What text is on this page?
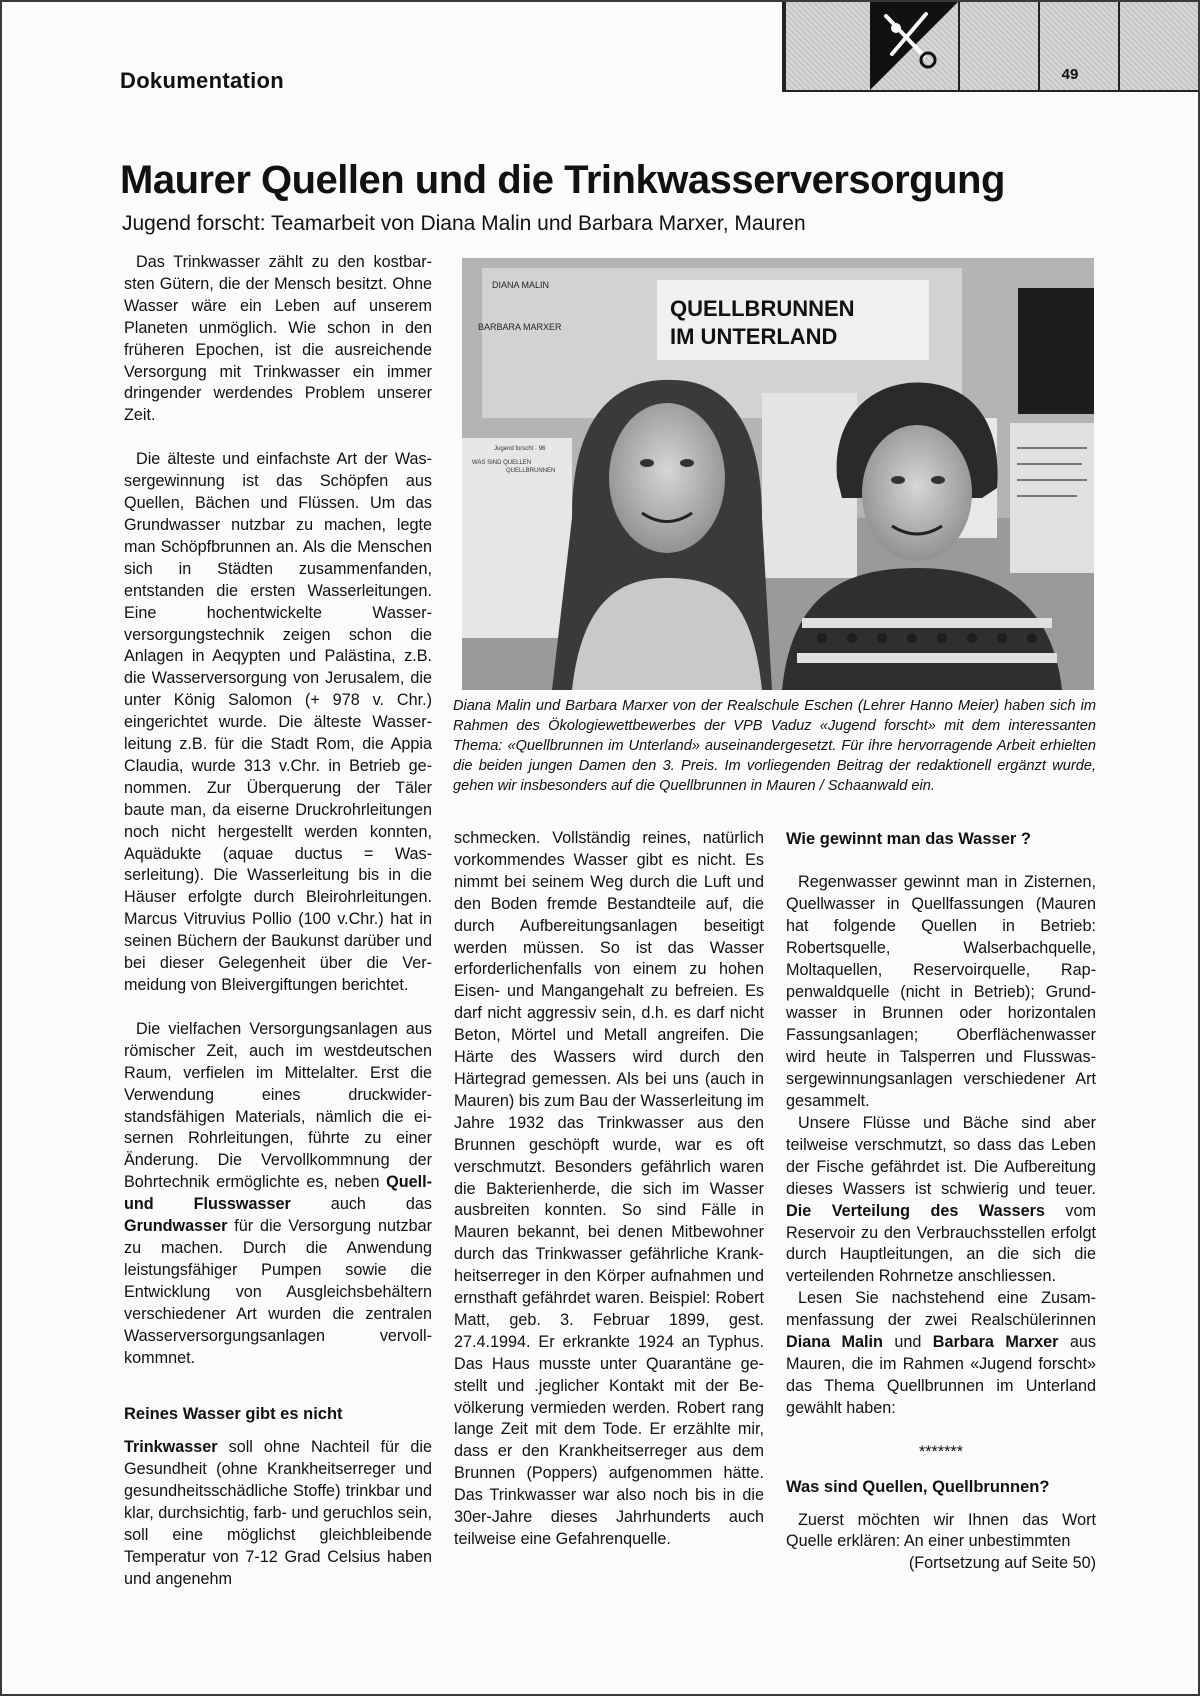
Dokumentation	49
Maurer Quellen und die Trinkwasserversorgung
Jugend forscht: Teamarbeit von Diana Malin und Barbara Marxer, Mauren

Das Trinkwasser zählt zu den kostbarsten Gütern, die der Mensch besitzt. Ohne Wasser wäre ein Leben auf unserem Planeten unmöglich. Wie schon in den früheren Epochen, ist die ausreichende Versorgung mit Trinkwasser ein immer dringender werdendes Problem unserer Zeit.

Die älteste und einfachste Art der Wassergewinnung ist das Schöpfen aus Quellen, Bächen und Flüssen. Um das Grundwasser nutzbar zu machen, legte man Schöpfbrunnen an. Als die Menschen sich in Städten zusammenfanden, entstanden die ersten Wasserleitungen. Eine hochentwickelte Wasserversorgungstechnik zeigen schon die Anlagen in Aeqypten und Palästina, z.B. die Wasserversorgung von Jerusalem, die unter König Salomon (+ 978 v. Chr.) eingerichtet wurde. Die älteste Wasserleitung z.B. für die Stadt Rom, die Appia Claudia, wurde 313 v.Chr. in Betrieb genommen. Zur Überquerung der Täler baute man, da eiserne Druckrohrleitungen noch nicht hergestellt werden konnten, Aquädukte (aquae ductus = Wasserleitung). Die Wasserleitung bis in die Häuser erfolgte durch Bleirohrleitungen. Marcus Vitruvius Pollio (100 v.Chr.) hat in seinen Büchern der Baukunst darüber und bei dieser Gelegenheit über die Vermeidung von Bleivergiftungen berichtet.

Die vielfachen Versorgungsanlagen aus römischer Zeit, auch im westdeutschen Raum, verfielen im Mittelalter. Erst die Verwendung eines druckwiderstandsfähigen Materials, nämlich die eisernen Rohrleitungen, führte zu einer Änderung. Die Vervollkommnung der Bohrtechnik ermöglichte es, neben Quell- und Flusswasser auch das Grundwasser für die Versorgung nutzbar zu machen. Durch die Anwendung leistungsfähiger Pumpen sowie die Entwicklung von Ausgleichsbehältern verschiedener Art wurden die zentralen Wasserversorgungsanlagen vervollkommnet.

Reines Wasser gibt es nicht

Trinkwasser soll ohne Nachteil für die Gesundheit (ohne Krankheitserreger und gesundheitsschädliche Stoffe) trinkbar und klar, durchsichtig, farb- und geruchlos sein, soll eine möglichst gleichbleibende Temperatur von 7-12 Grad Celsius haben und angenehm

DIANA MALIN
BARBARA MARXER
QUELLBRUNNEN
IM UNTERLAND
Jugend forscht · 96
WAS SIND QUELLEN
QUELLBRUNNEN

Diana Malin und Barbara Marxer von der Realschule Eschen (Lehrer Hanno Meier) haben sich im Rahmen des Ökologiewettbewerbes der VPB Vaduz «Jugend forscht» mit dem interessanten Thema: «Quellbrunnen im Unterland» auseinandergesetzt. Für ihre hervorragende Arbeit erhielten die beiden jungen Damen den 3. Preis. Im vorliegenden Beitrag der redaktionell ergänzt wurde, gehen wir insbesonders auf die Quellbrunnen in Mauren / Schaanwald ein.

schmecken. Vollständig reines, natürlich vorkommendes Wasser gibt es nicht. Es nimmt bei seinem Weg durch die Luft und den Boden fremde Bestandteile auf, die durch Aufbereitungsanlagen beseitigt werden müssen. So ist das Wasser erforderlichenfalls von einem zu hohen Eisen- und Mangangehalt zu befreien. Es darf nicht aggressiv sein, d.h. es darf nicht Beton, Mörtel und Metall angreifen. Die Härte des Wassers wird durch den Härtegrad gemessen. Als bei uns (auch in Mauren) bis zum Bau der Wasserleitung im Jahre 1932 das Trinkwasser aus den Brunnen geschöpft wurde, war es oft verschmutzt. Besonders gefährlich waren die Bakterienherde, die sich im Wasser ausbreiten konnten. So sind Fälle in Mauren bekannt, bei denen Mitbewohner durch das Trinkwasser gefährliche Krankheitserreger in den Körper aufnahmen und ernsthaft gefährdet waren. Beispiel: Robert Matt, geb. 3. Februar 1899, gest. 27.4.1994. Er erkrankte 1924 an Typhus. Das Haus musste unter Quarantäne gestellt und .jeglicher Kontakt mit der Bevölkerung vermieden werden. Robert rang lange Zeit mit dem Tode. Er erzählte mir, dass er den Krankheitserreger aus dem Brunnen (Poppers) aufgenommen hätte. Das Trinkwasser war also noch bis in die 30er-Jahre dieses Jahrhunderts auch teilweise eine Gefahrenquelle.

Wie gewinnt man das Wasser ?

Regenwasser gewinnt man in Zisternen, Quellwasser in Quellfassungen (Mauren hat folgende Quellen in Betrieb: Robertsquelle, Walserbachquelle, Moltaquellen, Reservoirquelle, Rappenwaldquelle (nicht in Betrieb); Grundwasser in Brunnen oder horizontalen Fassungsanlagen; Oberflächenwasser wird heute in Talsperren und Flusswassergewinnungsanlagen verschiedener Art gesammelt.

Unsere Flüsse und Bäche sind aber teilweise verschmutzt, so dass das Leben der Fische gefährdet ist. Die Aufbereitung dieses Wassers ist schwierig und teuer. Die Verteilung des Wassers vom Reservoir zu den Verbrauchsstellen erfolgt durch Hauptleitungen, an die sich die verteilenden Rohrnetze anschliessen.

Lesen Sie nachstehend eine Zusammenfassung der zwei Realschülerinnen Diana Malin und Barbara Marxer aus Mauren, die im Rahmen «Jugend forscht» das Thema Quellbrunnen im Unterland gewählt haben:

*******

Was sind Quellen, Quellbrunnen?

Zuerst möchten wir Ihnen das Wort Quelle erklären: An einer unbestimmten

(Fortsetzung auf Seite 50)
